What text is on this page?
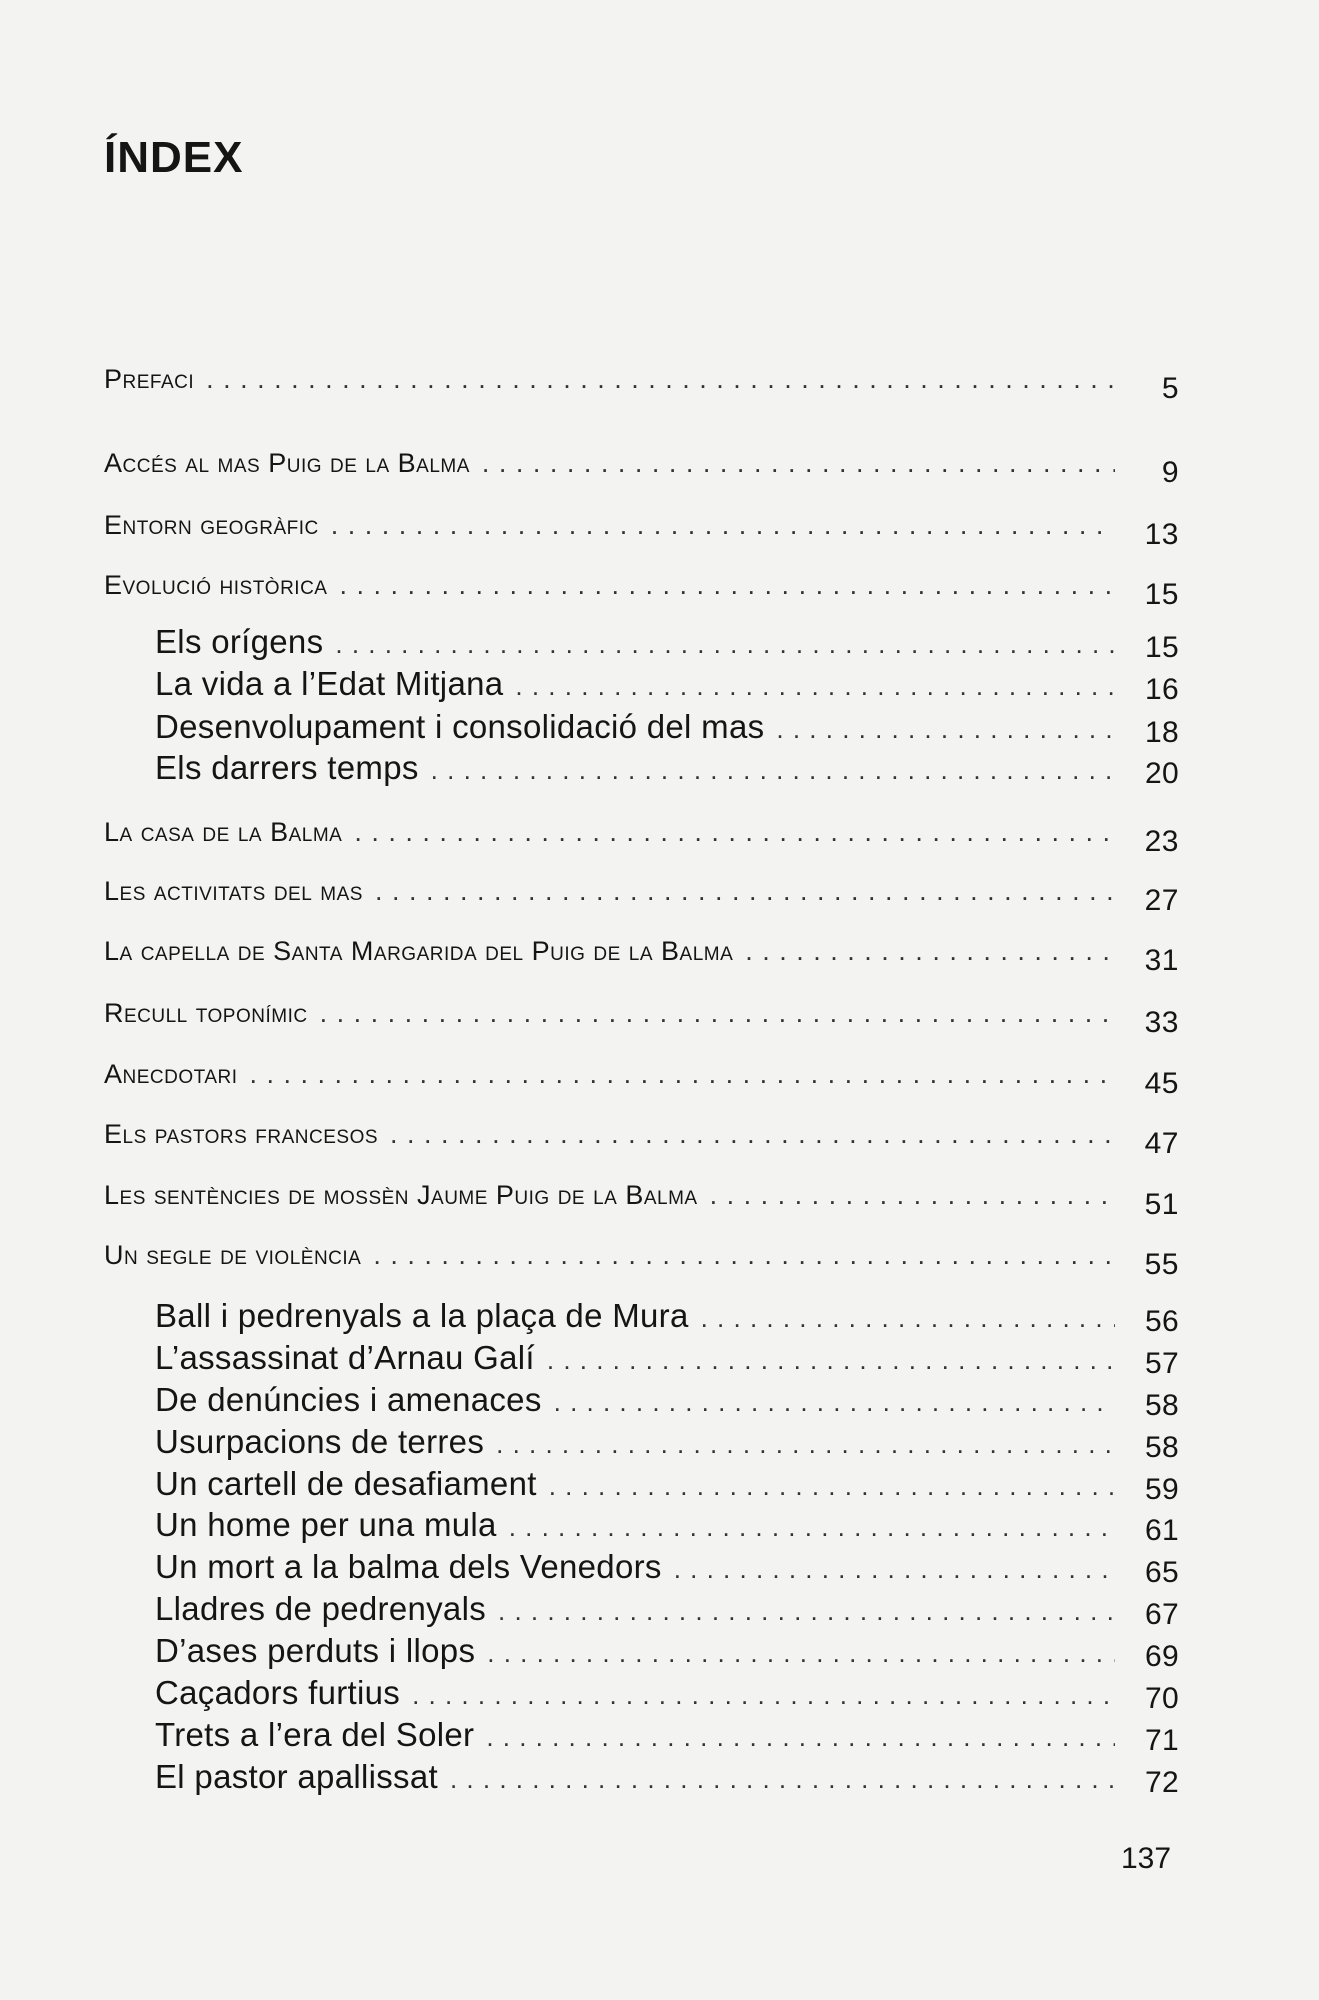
ÍNDEX
Prefaci . . .	5
Accés al mas Puig de la Balma . . .	9
Entorn geogràfic . . .	13
Evolució històrica . . .	15
Els orígens . . .	15
La vida a l’Edat Mitjana . . .	16
Desenvolupament i consolidació del mas . . .	18
Els darrers temps . . .	20
La casa de la Balma . . .	23
Les activitats del mas . . .	27
La capella de Santa Margarida del Puig de la Balma . . .	31
Recull toponímic . . .	33
Anecdotari . . .	45
Els pastors francesos . . .	47
Les sentències de mossèn Jaume Puig de la Balma . . .	51
Un segle de violència . . .	55
Ball i pedrenyals a la plaça de Mura . . .	56
L’assassinat d’Arnau Galí . . .	57
De denúncies i amenaces . . .	58
Usurpacions de terres . . .	58
Un cartell de desafiament . . .	59
Un home per una mula . . .	61
Un mort a la balma dels Venedors . . .	65
Lladres de pedrenyals . . .	67
D’ases perduts i llops . . .	69
Caçadors furtius . . .	70
Trets a l’era del Soler . . .	71
El pastor apallissat . . .	72
137
